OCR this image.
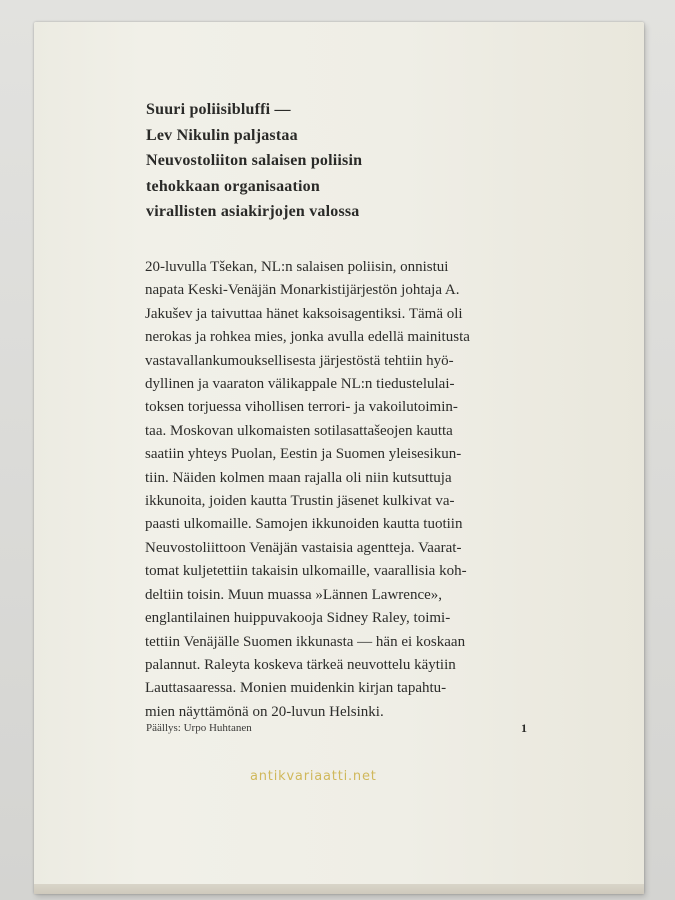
Suuri poliisibluffi —
Lev Nikulin paljastaa
Neuvostoliiton salaisen poliisin
tehokkaan organisaation
virallisten asiakirjojen valossa
20-luvulla Tšekan, NL:n salaisen poliisin, onnistui
napata Keski-Venäjän Monarkistijärjestön johtaja A.
Jakušev ja taivuttaa hänet kaksoisagentiksi. Tämä oli
nerokas ja rohkea mies, jonka avulla edellä mainitusta
vastavallankumouksellisesta järjestöstä tehtiin hyö-
dyllinen ja vaaraton välikappale NL:n tiedustelulai-
toksen torjuessa vihollisen terrori- ja vakoilutoimin-
taa. Moskovan ulkomaisten sotilasattašeojen kautta
saatiin yhteys Puolan, Eestin ja Suomen yleisesikun-
tiin. Näiden kolmen maan rajalla oli niin kutsuttuja
ikkunoita, joiden kautta Trustin jäsenet kulkivat va-
paasti ulkomaille. Samojen ikkunoiden kautta tuotiin
Neuvostoliittoon Venäjän vastaisia agentteja. Vaarat-
tomat kuljetettiin takaisin ulkomaille, vaarallisia koh-
deltiin toisin. Muun muassa »Lännen Lawrence»,
englantilainen huippuvakooja Sidney Raley, toimi-
tettiin Venäjälle Suomen ikkunasta — hän ei koskaan
palannut. Raleyta koskeva tärkeä neuvottelu käytiin
Lauttasaaressa. Monien muidenkin kirjan tapahtu-
mien näyttämönä on 20-luvun Helsinki.
Päällys: Urpo Huhtanen	1
antikvariaatti.net
